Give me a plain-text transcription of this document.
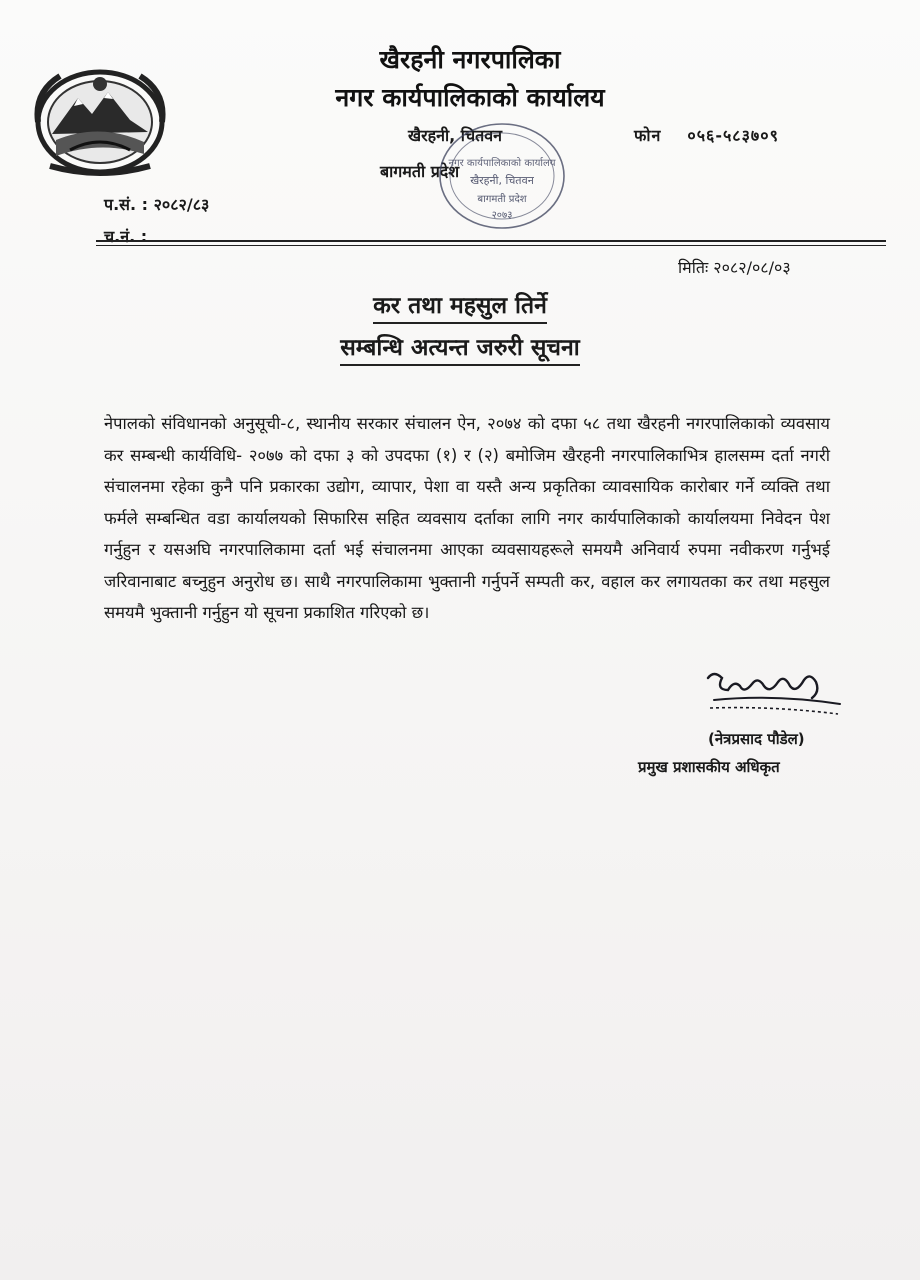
खैरहनी नगरपालिका
नगर कार्यपालिकाको कार्यालय
खैरहनी, चितवन	फोन ०५६-५८३७०९
बागमती प्रदेश
नगर कार्यपालिकाको कार्यालय
खैरहनी, चितवन
बागमती प्रदेश
२०७३
प.सं. : २०८२/८३
च.नं. :
मितिः २०८२/०८/०३
कर तथा महसुल तिर्ने
सम्बन्धि अत्यन्त जरुरी सूचना
नेपालको संविधानको अनुसूची-८, स्थानीय सरकार संचालन ऐन, २०७४ को दफा ५८ तथा खैरहनी नगरपालिकाको व्यवसाय कर सम्बन्धी कार्यविधि- २०७७ को दफा ३ को उपदफा (१) र (२) बमोजिम खैरहनी नगरपालिकाभित्र हालसम्म दर्ता नगरी संचालनमा रहेका कुनै पनि प्रकारका उद्योग, व्यापार, पेशा वा यस्तै अन्य प्रकृतिका व्यावसायिक कारोबार गर्ने व्यक्ति तथा फर्मले सम्बन्धित वडा कार्यालयको सिफारिस सहित व्यवसाय दर्ताका लागि नगर कार्यपालिकाको कार्यालयमा निवेदन पेश गर्नुहुन र यसअघि नगरपालिकामा दर्ता भई संचालनमा आएका व्यवसायहरूले समयमै अनिवार्य रुपमा नवीकरण गर्नुभई जरिवानाबाट बच्नुहुन अनुरोध छ। साथै नगरपालिकामा भुक्तानी गर्नुपर्ने सम्पती कर, वहाल कर लगायतका कर तथा महसुल समयमै भुक्तानी गर्नुहुन यो सूचना प्रकाशित गरिएको छ।
(नेत्रप्रसाद पौडेल)
प्रमुख प्रशासकीय अधिकृत
